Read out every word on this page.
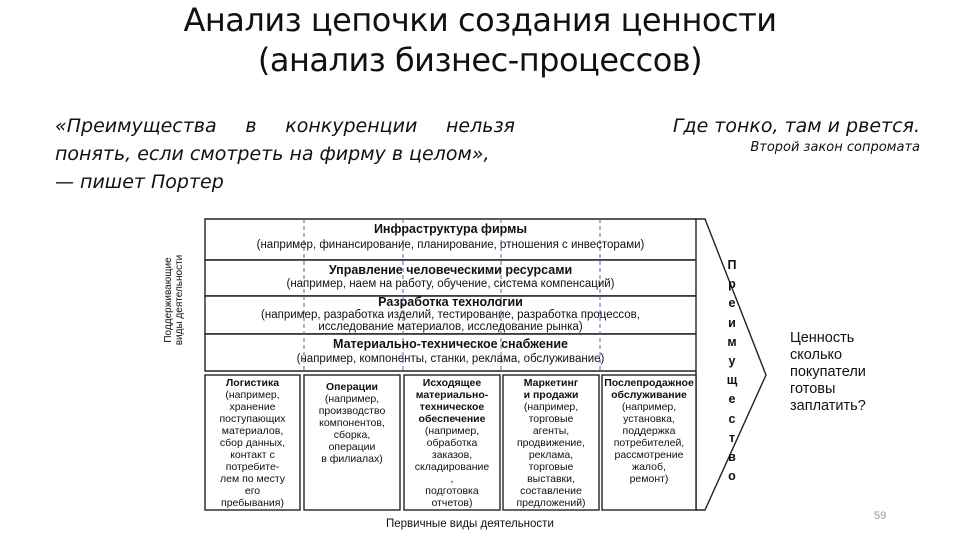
Анализ цепочки создания ценности
(анализ бизнес-процессов)
«Преимущества в конкуренции нельзя
понять, если смотреть на фирму в целом»,
— пишет Портер
Где тонко, там и рвется.
Второй закон сопромата
Поддерживающие виды деятельности
Инфраструктура фирмы
(например, финансирование, планирование, отношения с инвесторами)
Управление человеческими ресурсами
(например, наем на работу, обучение, система компенсаций)
Разработка технологии
(например, разработка изделий, тестирование, разработка процессов,
исследование материалов, исследование рынка)
Материально-техническое снабжение
(например, компоненты, станки, реклама, обслуживание)
Логистика
(например,
хранение
поступающих
материалов,
сбор данных,
контакт с
потребите-
лем по месту
его
пребывания)
Операции
(например,
производство
компонентов,
сборка,
операции
в филиалах)
Исходящее
материально-
техническое
обеспечение
(например,
обработка
заказов,
складирование
,
подготовка
отчетов)
Маркетинг
и продажи
(например,
торговые
агенты,
продвижение,
реклама,
торговые
выставки,
составление
предложений)
Послепродажное
обслуживание
(например,
установка,
поддержка
потребителей,
рассмотрение
жалоб,
ремонт)
П
р
е
и
м
у
щ
е
с
т
в
о
Ценность сколько покупатели готовы заплатить?
Первичные виды деятельности
59
